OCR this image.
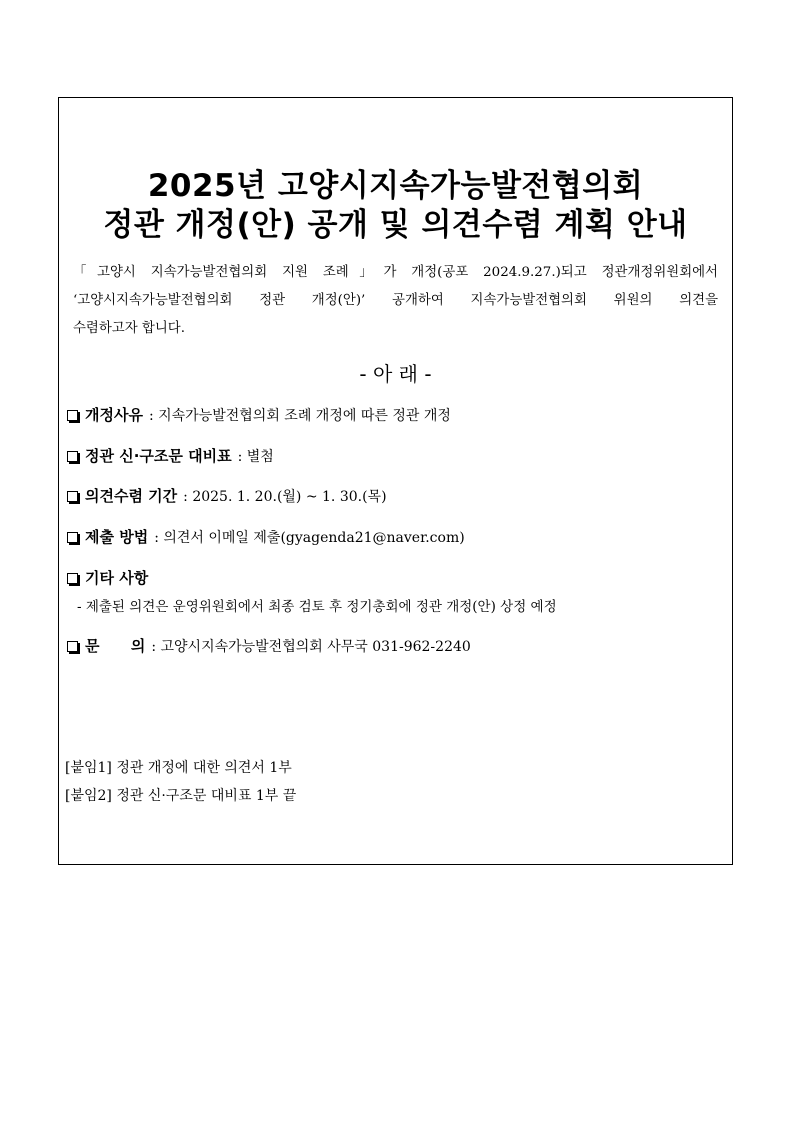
2025년 고양시지속가능발전협의회
정관 개정(안) 공개 및 의견수렴 계획 안내
「고양시 지속가능발전협의회 지원 조례」가 개정(공포 2024.9.27.)되고 정관개정위원회에서
‘고양시지속가능발전협의회 정관 개정(안)’ 공개하여 지속가능발전협의회 위원의 의견을
수렴하고자 합니다.
- 아 래 -
개정사유 : 지속가능발전협의회 조례 개정에 따른 정관 개정
정관 신·구조문 대비표 : 별첨
의견수렴 기간 : 2025. 1. 20.(월) ~ 1. 30.(목)
제출 방법 : 의견서 이메일 제출(gyagenda21@naver.com)
기타 사항
- 제출된 의견은 운영위원회에서 최종 검토 후 정기총회에 정관 개정(안) 상정 예정
문      의 : 고양시지속가능발전협의회 사무국 031-962-2240
[붙임1] 정관 개정에 대한 의견서 1부
[붙임2] 정관 신·구조문 대비표 1부 끝
